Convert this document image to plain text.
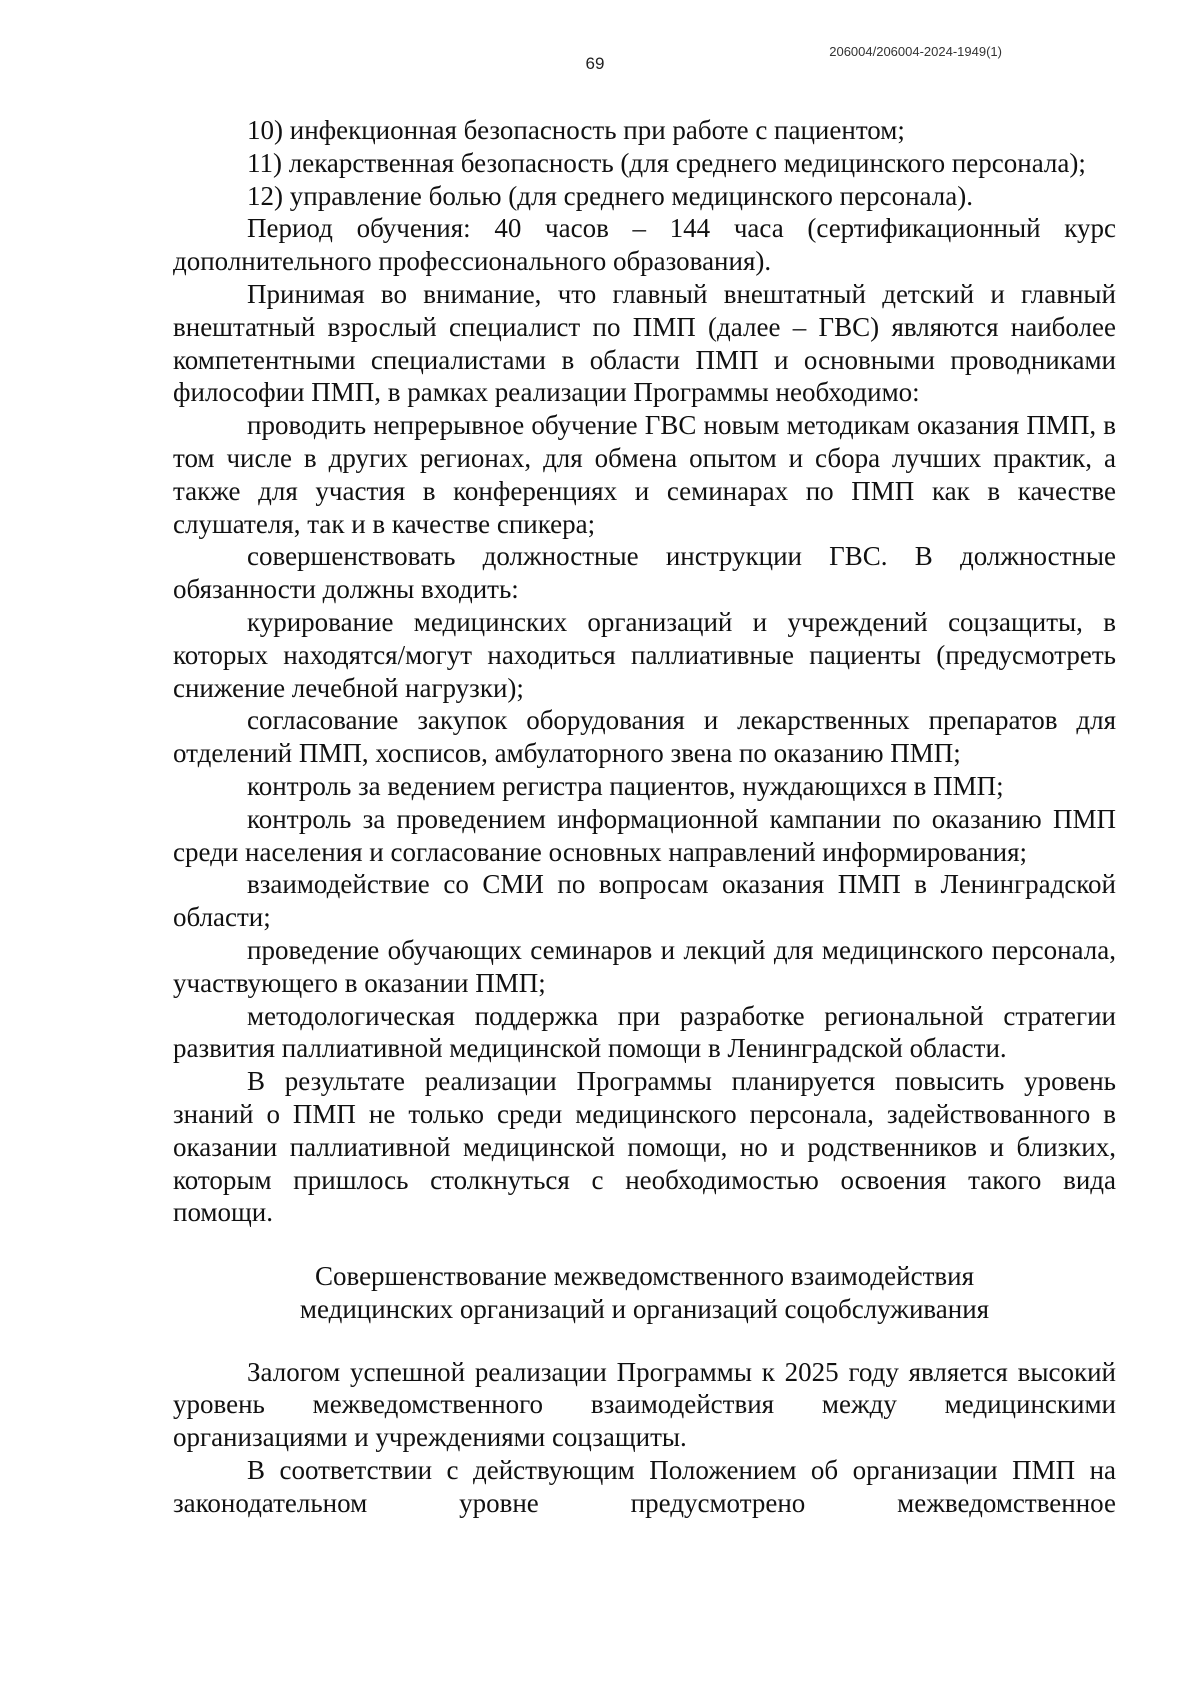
206004/206004-2024-1949(1)
69

10) инфекционная безопасность при работе с пациентом;

11) лекарственная безопасность (для среднего медицинского персонала);

12) управление болью (для среднего медицинского персонала).

Период обучения: 40 часов – 144 часа (сертификационный курс дополнительного профессионального образования).

Принимая во внимание, что главный внештатный детский и главный внештатный взрослый специалист по ПМП (далее – ГВС) являются наиболее компетентными специалистами в области ПМП и основными проводниками философии ПМП, в рамках реализации Программы необходимо:

проводить непрерывное обучение ГВС новым методикам оказания ПМП, в том числе в других регионах, для обмена опытом и сбора лучших практик, а также для участия в конференциях и семинарах по ПМП как в качестве слушателя, так и в качестве спикера;

совершенствовать должностные инструкции ГВС. В должностные обязанности должны входить:

курирование медицинских организаций и учреждений соцзащиты, в которых находятся/могут находиться паллиативные пациенты (предусмотреть снижение лечебной нагрузки);

согласование закупок оборудования и лекарственных препаратов для отделений ПМП, хосписов, амбулаторного звена по оказанию ПМП;

контроль за ведением регистра пациентов, нуждающихся в ПМП;

контроль за проведением информационной кампании по оказанию ПМП среди населения и согласование основных направлений информирования;

взаимодействие со СМИ по вопросам оказания ПМП в Ленинградской области;

проведение обучающих семинаров и лекций для медицинского персонала, участвующего в оказании ПМП;

методологическая поддержка при разработке региональной стратегии развития паллиативной медицинской помощи в Ленинградской области.

В результате реализации Программы планируется повысить уровень знаний о ПМП не только среди медицинского персонала, задействованного в оказании паллиативной медицинской помощи, но и родственников и близких, которым пришлось столкнуться с необходимостью освоения такого вида помощи.

Совершенствование межведомственного взаимодействия
медицинских организаций и организаций соцобслуживания

Залогом успешной реализации Программы к 2025 году является высокий уровень межведомственного взаимодействия между медицинскими организациями и учреждениями соцзащиты.

В соответствии с действующим Положением об организации ПМП на законодательном уровне предусмотрено межведомственное
